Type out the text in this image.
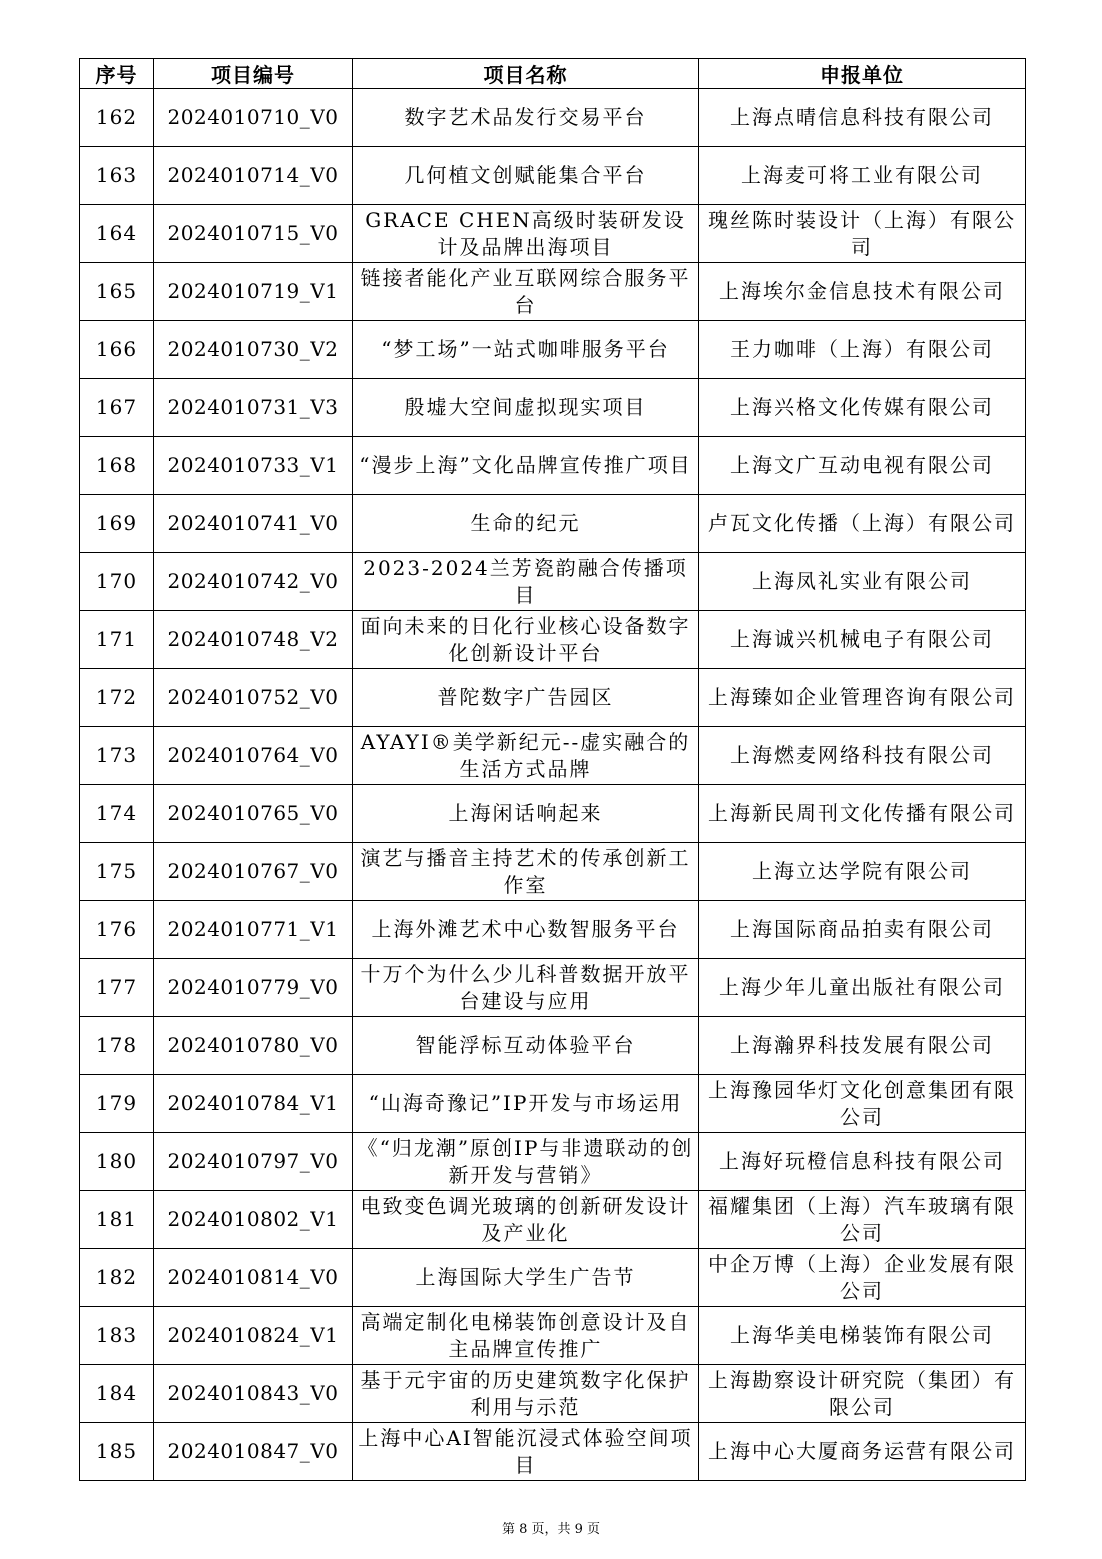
序号	项目编号	项目名称	申报单位
162	2024010710_V0	数字艺术品发行交易平台	上海点晴信息科技有限公司
163	2024010714_V0	几何植文创赋能集合平台	上海麦可将工业有限公司
164	2024010715_V0	GRACE CHEN高级时装研发设计及品牌出海项目	瑰丝陈时装设计（上海）有限公司
165	2024010719_V1	链接者能化产业互联网综合服务平台	上海埃尔金信息技术有限公司
166	2024010730_V2	“梦工场”一站式咖啡服务平台	王力咖啡（上海）有限公司
167	2024010731_V3	殷墟大空间虚拟现实项目	上海兴格文化传媒有限公司
168	2024010733_V1	“漫步上海”文化品牌宣传推广项目	上海文广互动电视有限公司
169	2024010741_V0	生命的纪元	卢瓦文化传播（上海）有限公司
170	2024010742_V0	2023-2024兰芳瓷韵融合传播项目	上海凤礼实业有限公司
171	2024010748_V2	面向未来的日化行业核心设备数字化创新设计平台	上海诚兴机械电子有限公司
172	2024010752_V0	普陀数字广告园区	上海臻如企业管理咨询有限公司
173	2024010764_V0	AYAYI®美学新纪元--虚实融合的生活方式品牌	上海燃麦网络科技有限公司
174	2024010765_V0	上海闲话响起来	上海新民周刊文化传播有限公司
175	2024010767_V0	演艺与播音主持艺术的传承创新工作室	上海立达学院有限公司
176	2024010771_V1	上海外滩艺术中心数智服务平台	上海国际商品拍卖有限公司
177	2024010779_V0	十万个为什么少儿科普数据开放平台建设与应用	上海少年儿童出版社有限公司
178	2024010780_V0	智能浮标互动体验平台	上海瀚界科技发展有限公司
179	2024010784_V1	“山海奇豫记”IP开发与市场运用	上海豫园华灯文化创意集团有限公司
180	2024010797_V0	《“归龙潮”原创IP与非遗联动的创新开发与营销》	上海好玩橙信息科技有限公司
181	2024010802_V1	电致变色调光玻璃的创新研发设计及产业化	福耀集团（上海）汽车玻璃有限公司
182	2024010814_V0	上海国际大学生广告节	中企万博（上海）企业发展有限公司
183	2024010824_V1	高端定制化电梯装饰创意设计及自主品牌宣传推广	上海华美电梯装饰有限公司
184	2024010843_V0	基于元宇宙的历史建筑数字化保护利用与示范	上海勘察设计研究院（集团）有限公司
185	2024010847_V0	上海中心AI智能沉浸式体验空间项目	上海中心大厦商务运营有限公司
第 8 页，共 9 页
